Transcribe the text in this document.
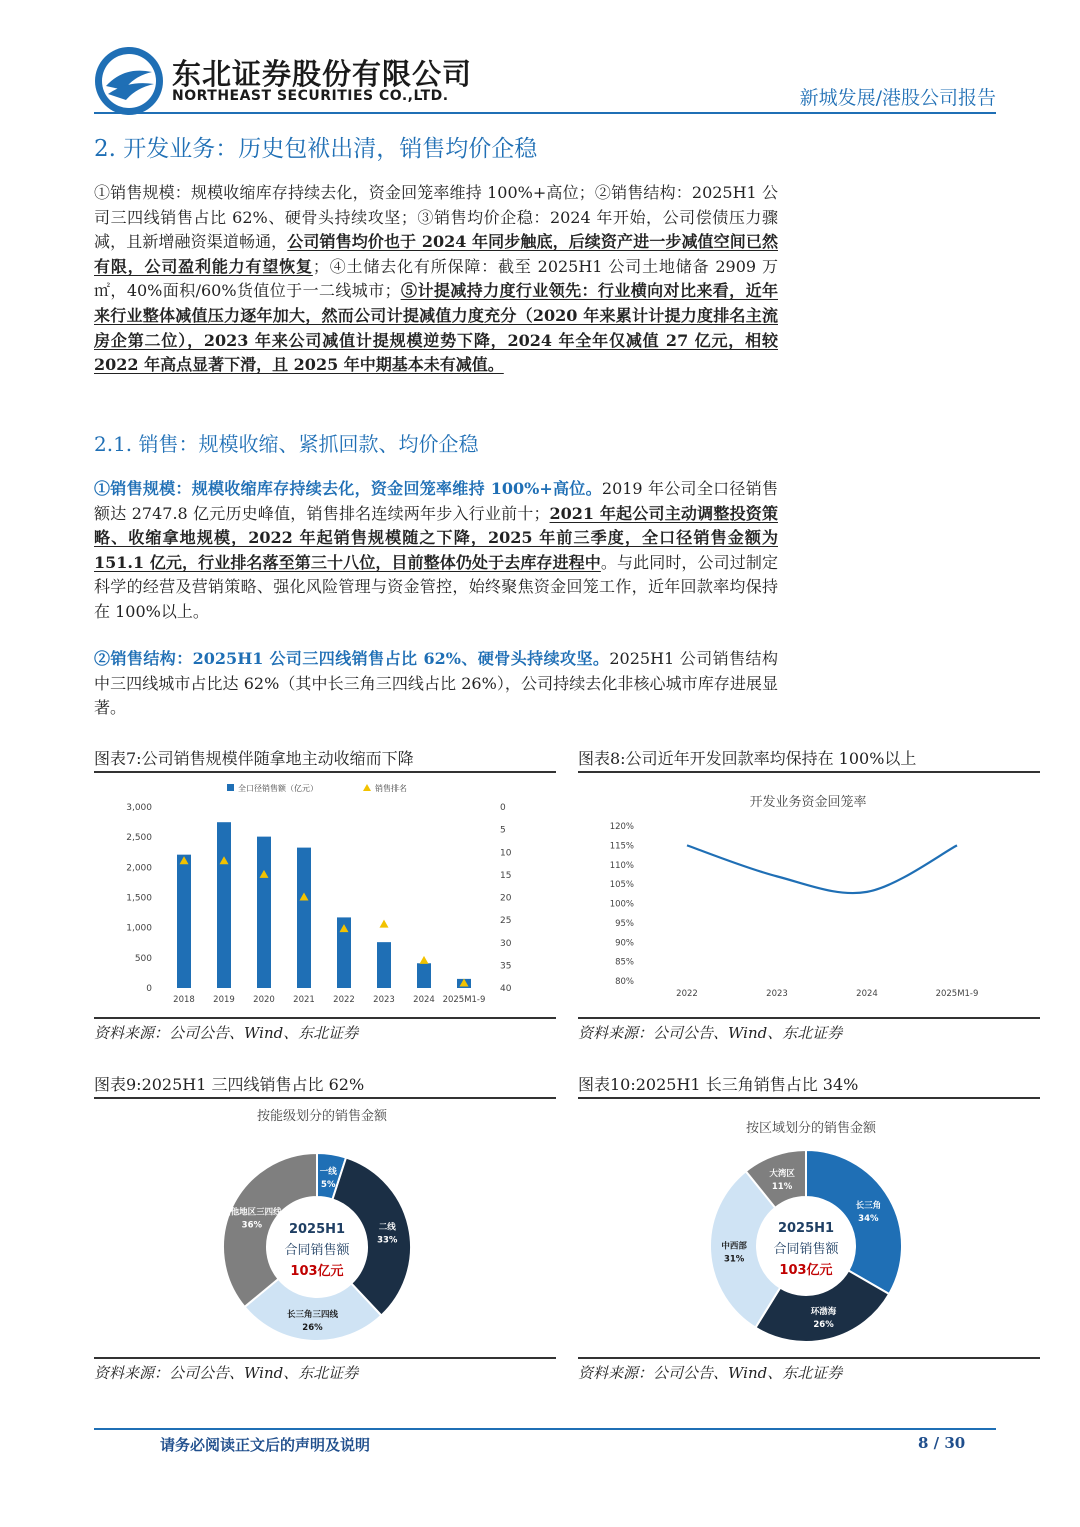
东北证券股份有限公司
NORTHEAST SECURITIES CO.,LTD.	新城发展/港股公司报告
2. 开发业务：历史包袱出清，销售均价企稳
①销售规模：规模收缩库存持续去化，资金回笼率维持 100%+高位；②销售结构：2025H1 公司三四线销售占比 62%、硬骨头持续攻坚；③销售均价企稳：2024 年开始，公司偿债压力骤减，且新增融资渠道畅通，公司销售均价也于 2024 年同步触底，后续资产进一步减值空间已然有限，公司盈利能力有望恢复；④土储去化有所保障：截至 2025H1 公司土地储备 2909 万㎡，40%面积/60%货值位于一二线城市；⑤计提减持力度行业领先：行业横向对比来看，近年来行业整体减值压力逐年加大，然而公司计提减值力度充分（2020 年来累计计提力度排名主流房企第二位），2023 年来公司减值计提规模逆势下降，2024 年全年仅减值 27 亿元，相较 2022 年高点显著下滑，且 2025 年中期基本未有减值。
2.1. 销售：规模收缩、紧抓回款、均价企稳
①销售规模：规模收缩库存持续去化，资金回笼率维持 100%+高位。2019 年公司全口径销售额达 2747.8 亿元历史峰值，销售排名连续两年步入行业前十；2021 年起公司主动调整投资策略、收缩拿地规模，2022 年起销售规模随之下降，2025 年前三季度，全口径销售金额为 151.1 亿元，行业排名落至第三十八位，目前整体仍处于去库存进程中。与此同时，公司过制定科学的经营及营销策略、强化风险管理与资金管控，始终聚焦资金回笼工作，近年回款率均保持在 100%以上。
②销售结构：2025H1 公司三四线销售占比 62%、硬骨头持续攻坚。2025H1 公司销售结构中三四线城市占比达 62%（其中长三角三四线占比 26%），公司持续去化非核心城市库存进展显著。
图表7:公司销售规模伴随拿地主动收缩而下降
全口径销售额（亿元）	销售排名
0
500
1,000
1,500
2,000
2,500
3,000	0
5
10
15
20
25
30
35
40
2018 2019 2020 2021 2022 2023 2024 2025M1-9
资料来源：公司公告、Wind、东北证券
图表8:公司近年开发回款率均保持在 100%以上
开发业务资金回笼率
80%
85%
90%
95%
100%
105%
110%
115%
120%
2022	2023	2024	2025M1-9
资料来源：公司公告、Wind、东北证券
图表9:2025H1 三四线销售占比 62%
按能级划分的销售金额
一线
5%
二线
33%
长三角三四线
26%
其他地区三四线
36% 2025H1
合同销售额
103亿元
资料来源：公司公告、Wind、东北证券
图表10:2025H1 长三角销售占比 34%
按区域划分的销售金额
长三角
34%
环渤海
26%
中西部
31%
大湾区
11%
2025H1
合同销售额
103亿元
资料来源：公司公告、Wind、东北证券
请务必阅读正文后的声明及说明	8 / 30
